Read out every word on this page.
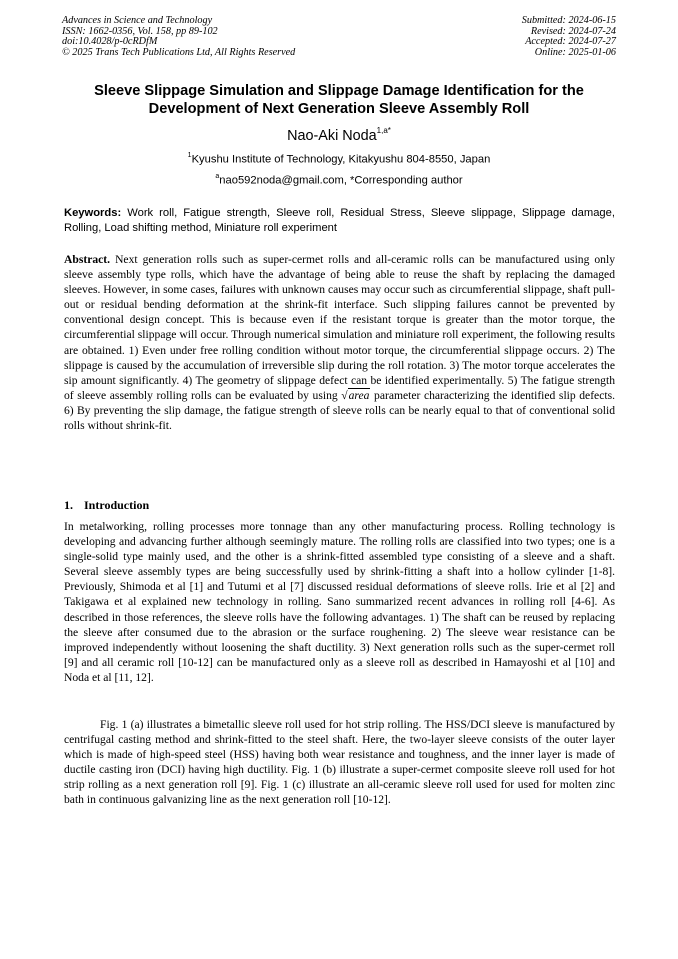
Advances in Science and Technology
ISSN: 1662-0356, Vol. 158, pp 89-102
doi:10.4028/p-0cRDfM
© 2025 Trans Tech Publications Ltd, All Rights Reserved
Submitted: 2024-06-15
Revised: 2024-07-24
Accepted: 2024-07-27
Online: 2025-01-06
Sleeve Slippage Simulation and Slippage Damage Identification for the
Development of Next Generation Sleeve Assembly Roll
Nao-Aki Noda$^{1,a*}$
$^1$Kyushu Institute of Technology, Kitakyushu 804-8550, Japan
$^a$nao592noda@gmail.com, *Corresponding author
Keywords: Work roll, Fatigue strength, Sleeve roll, Residual Stress, Sleeve slippage, Slippage damage, Rolling, Load shifting method, Miniature roll experiment
Abstract. Next generation rolls such as super-cermet rolls and all-ceramic rolls can be manufactured using only sleeve assembly type rolls, which have the advantage of being able to reuse the shaft by replacing the damaged sleeves. However, in some cases, failures with unknown causes may occur such as circumferential slippage, shaft pull-out or residual bending deformation at the shrink-fit interface. Such slipping failures cannot be prevented by conventional design concept. This is because even if the resistant torque is greater than the motor torque, the circumferential slippage will occur. Through numerical simulation and miniature roll experiment, the following results are obtained. 1) Even under free rolling condition without motor torque, the circumferential slippage occurs. 2) The slippage is caused by the accumulation of irreversible slip during the roll rotation. 3) The motor torque accelerates the sip amount significantly. 4) The geometry of slippage defect can be identified experimentally. 5) The fatigue strength of sleeve assembly rolling rolls can be evaluated by using √area parameter characterizing the identified slip defects. 6) By preventing the slip damage, the fatigue strength of sleeve rolls can be nearly equal to that of conventional solid rolls without shrink-fit.
1. Introduction
In metalworking, rolling processes more tonnage than any other manufacturing process. Rolling technology is developing and advancing further although seemingly mature. The rolling rolls are classified into two types; one is a single-solid type mainly used, and the other is a shrink-fitted assembled type consisting of a sleeve and a shaft. Several sleeve assembly types are being successfully used by shrink-fitting a shaft into a hollow cylinder [1-8]. Previously, Shimoda et al [1] and Tutumi et al [7] discussed residual deformations of sleeve rolls. Irie et al [2] and Takigawa et al explained new technology in rolling. Sano summarized recent advances in rolling roll [4-6]. As described in those references, the sleeve rolls have the following advantages. 1) The shaft can be reused by replacing the sleeve after consumed due to the abrasion or the surface roughening. 2) The sleeve wear resistance can be improved independently without loosening the shaft ductility. 3) Next generation rolls such as the super-cermet roll [9] and all ceramic roll [10-12] can be manufactured only as a sleeve roll as described in Hamayoshi et al [10] and Noda et al [11, 12].
Fig. 1 (a) illustrates a bimetallic sleeve roll used for hot strip rolling. The HSS/DCI sleeve is manufactured by centrifugal casting method and shrink-fitted to the steel shaft. Here, the two-layer sleeve consists of the outer layer which is made of high-speed steel (HSS) having both wear resistance and toughness, and the inner layer is made of ductile casting iron (DCI) having high ductility. Fig. 1 (b) illustrate a super-cermet composite sleeve roll used for hot strip rolling as a next generation roll [9]. Fig. 1 (c) illustrate an all-ceramic sleeve roll used for used for molten zinc bath in continuous galvanizing line as the next generation roll [10-12].
